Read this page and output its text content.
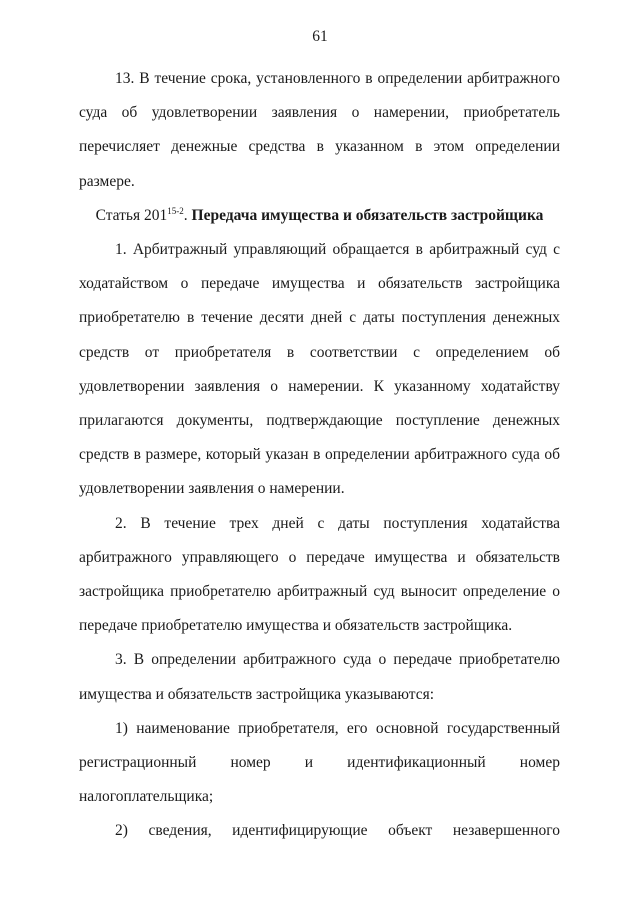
61

13. В течение срока, установленного в определении арбитражного суда об удовлетворении заявления о намерении, приобретатель перечисляет денежные средства в указанном в этом определении размере.

Статья 201$^{15-2}$. Передача имущества и обязательств застройщика

1. Арбитражный управляющий обращается в арбитражный суд с ходатайством о передаче имущества и обязательств застройщика приобретателю в течение десяти дней с даты поступления денежных средств от приобретателя в соответствии с определением об удовлетворении заявления о намерении. К указанному ходатайству прилагаются документы, подтверждающие поступление денежных средств в размере, который указан в определении арбитражного суда об удовлетворении заявления о намерении.

2. В течение трех дней с даты поступления ходатайства арбитражного управляющего о передаче имущества и обязательств застройщика приобретателю арбитражный суд выносит определение о передаче приобретателю имущества и обязательств застройщика.

3. В определении арбитражного суда о передаче приобретателю имущества и обязательств застройщика указываются:

1) наименование приобретателя, его основной государственный регистрационный номер и идентификационный номер налогоплательщика;

2) сведения, идентифицирующие объект незавершенного
